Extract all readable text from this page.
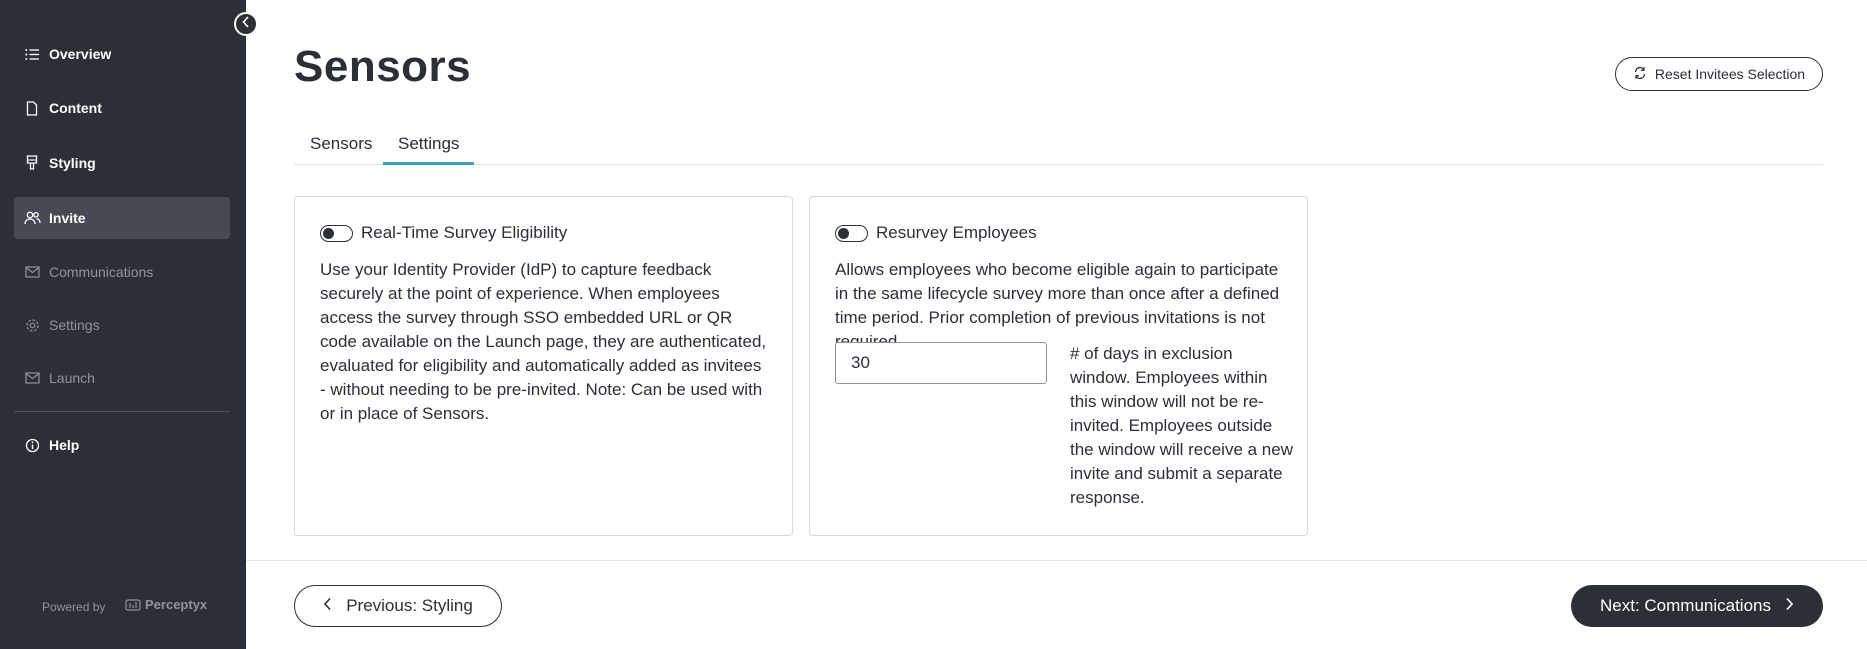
Overview
Content
Styling
Invite
Communications
Settings
Launch
Help
Powered by	Perceptyx
Sensors	Reset Invitees Selection
Sensors Settings
Real-Time Survey Eligibility

Use your Identity Provider (IdP) to capture feedback securely at the point of experience. When employees access the survey through SSO embedded URL or QR code available on the Launch page, they are authenticated, evaluated for eligibility and automatically added as invitees - without needing to be pre-invited. Note: Can be used with or in place of Sensors.

Resurvey Employees

Allows employees who become eligible again to participate in the same lifecycle survey more than once after a defined time period. Prior completion of previous invitations is not

30

# of days in exclusion window. Employees within this window will not be re-invited. Employees outside the window will receive a new invite and submit a separate response.

Previous: Styling	Next: Communications
